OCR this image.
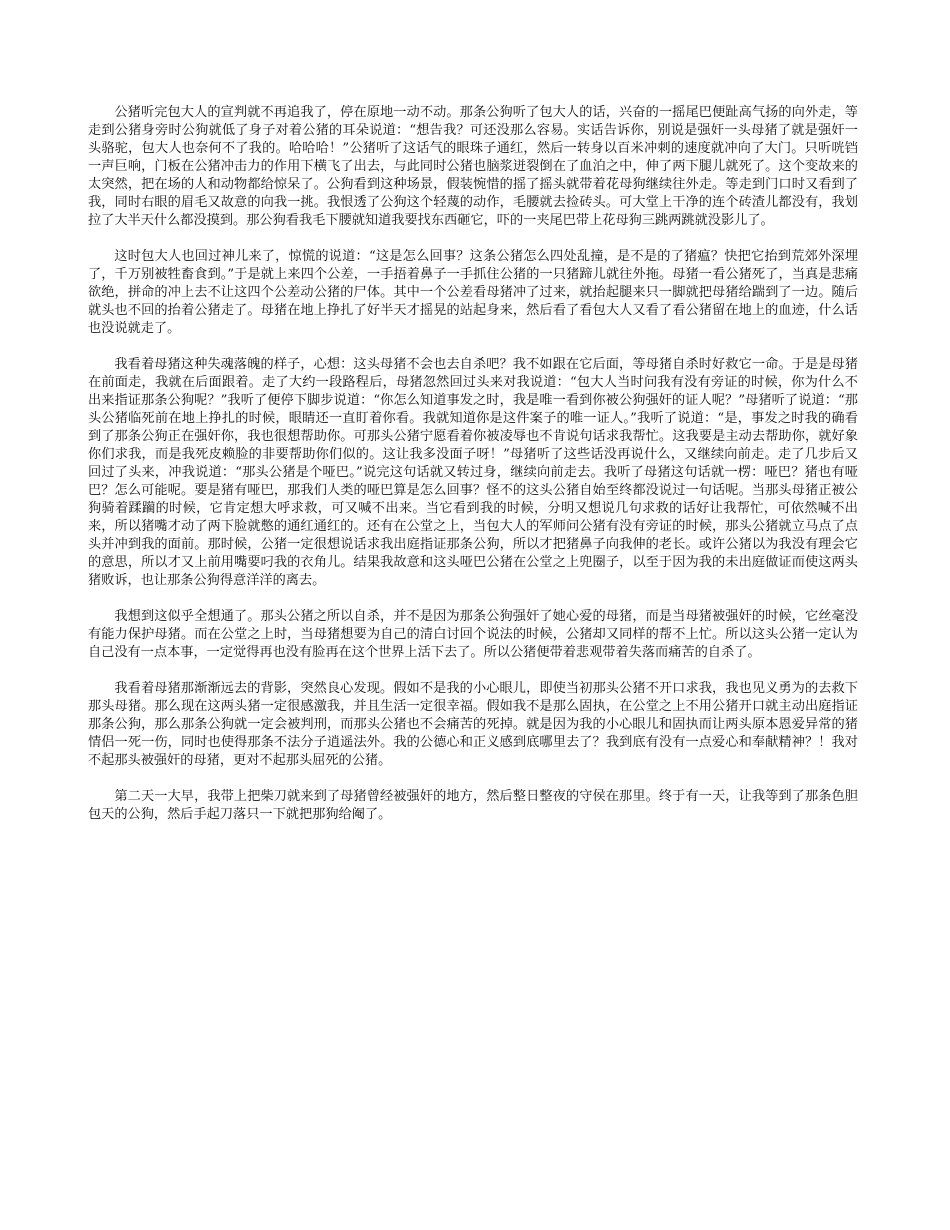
公猪听完包大人的宣判就不再追我了，停在原地一动不动。那条公狗听了包大人的话，兴奋的一摇尾巴便趾高气扬的向外走，等走到公猪身旁时公狗就低了身子对着公猪的耳朵说道：“想告我？可还没那么容易。实话告诉你，别说是强奸一头母猪了就是强奸一头骆驼，包大人也奈何不了我的。哈哈哈！”公猪听了这话气的眼珠子通红，然后一转身以百米冲刺的速度就冲向了大门。只听咣铛一声巨响，门板在公猪冲击力的作用下横飞了出去，与此同时公猪也脑浆迸裂倒在了血泊之中，伸了两下腿儿就死了。这个变故来的太突然，把在场的人和动物都给惊呆了。公狗看到这种场景，假装惋惜的摇了摇头就带着花母狗继续往外走。等走到门口时又看到了我，同时右眼的眉毛又故意的向我一挑。我恨透了公狗这个轻蔑的动作，毛腰就去捡砖头。可大堂上干净的连个砖渣儿都没有，我划拉了大半天什么都没摸到。那公狗看我毛下腰就知道我要找东西砸它，吓的一夹尾巴带上花母狗三跳两跳就没影儿了。

这时包大人也回过神儿来了，惊慌的说道：“这是怎么回事？这条公猪怎么四处乱撞，是不是的了猪瘟？快把它抬到荒郊外深埋了，千万别被牲畜食到。”于是就上来四个公差，一手捂着鼻子一手抓住公猪的一只猪蹄儿就往外拖。母猪一看公猪死了，当真是悲痛欲绝，拼命的冲上去不让这四个公差动公猪的尸体。其中一个公差看母猪冲了过来，就抬起腿来只一脚就把母猪给踹到了一边。随后就头也不回的抬着公猪走了。母猪在地上挣扎了好半天才摇晃的站起身来，然后看了看包大人又看了看公猪留在地上的血迹，什么话也没说就走了。

我看着母猪这种失魂落魄的样子，心想：这头母猪不会也去自杀吧？我不如跟在它后面，等母猪自杀时好救它一命。于是是母猪在前面走，我就在后面跟着。走了大约一段路程后，母猪忽然回过头来对我说道：“包大人当时问我有没有旁证的时候，你为什么不出来指证那条公狗呢？”我听了便停下脚步说道：“你怎么知道事发之时，我是唯一看到你被公狗强奸的证人呢？”母猪听了说道：“那头公猪临死前在地上挣扎的时候，眼睛还一直盯着你看。我就知道你是这件案子的唯一证人。”我听了说道：“是，事发之时我的确看到了那条公狗正在强奸你，我也很想帮助你。可那头公猪宁愿看着你被凌辱也不肯说句话求我帮忙。这我要是主动去帮助你，就好象你们求我，而是我死皮赖脸的非要帮助你们似的。这让我多没面子呀！”母猪听了这些话没再说什么，又继续向前走。走了几步后又回过了头来，冲我说道：“那头公猪是个哑巴。”说完这句话就又转过身，继续向前走去。我听了母猪这句话就一楞：哑巴？猪也有哑巴？怎么可能呢。要是猪有哑巴，那我们人类的哑巴算是怎么回事？怪不的这头公猪自始至终都没说过一句话呢。当那头母猪正被公狗骑着蹂躏的时候，它肯定想大呼求救，可又喊不出来。当它看到我的时候，分明又想说几句求救的话好让我帮忙，可依然喊不出来，所以猪嘴才动了两下脸就憋的通红通红的。还有在公堂之上，当包大人的军师问公猪有没有旁证的时候，那头公猪就立马点了点头并冲到我的面前。那时候，公猪一定很想说话求我出庭指证那条公狗，所以才把猪鼻子向我伸的老长。或许公猪以为我没有理会它的意思，所以才又上前用嘴要叼我的衣角儿。结果我故意和这头哑巴公猪在公堂之上兜圈子，以至于因为我的未出庭做证而使这两头猪败诉，也让那条公狗得意洋洋的离去。

我想到这似乎全想通了。那头公猪之所以自杀，并不是因为那条公狗强奸了她心爱的母猪，而是当母猪被强奸的时候，它丝毫没有能力保护母猪。而在公堂之上时，当母猪想要为自己的清白讨回个说法的时候，公猪却又同样的帮不上忙。所以这头公猪一定认为自己没有一点本事，一定觉得再也没有脸再在这个世界上活下去了。所以公猪便带着悲观带着失落而痛苦的自杀了。

我看着母猪那渐渐远去的背影，突然良心发现。假如不是我的小心眼儿，即使当初那头公猪不开口求我，我也见义勇为的去救下那头母猪。那么现在这两头猪一定很感激我，并且生活一定很幸福。假如我不是那么固执，在公堂之上不用公猪开口就主动出庭指证那条公狗，那么那条公狗就一定会被判刑，而那头公猪也不会痛苦的死掉。就是因为我的小心眼儿和固执而让两头原本恩爱异常的猪情侣一死一伤，同时也使得那条不法分子逍遥法外。我的公德心和正义感到底哪里去了？我到底有没有一点爱心和奉献精神？！我对不起那头被强奸的母猪，更对不起那头屈死的公猪。

第二天一大早，我带上把柴刀就来到了母猪曾经被强奸的地方，然后整日整夜的守侯在那里。终于有一天，让我等到了那条色胆包天的公狗，然后手起刀落只一下就把那狗给阉了。
